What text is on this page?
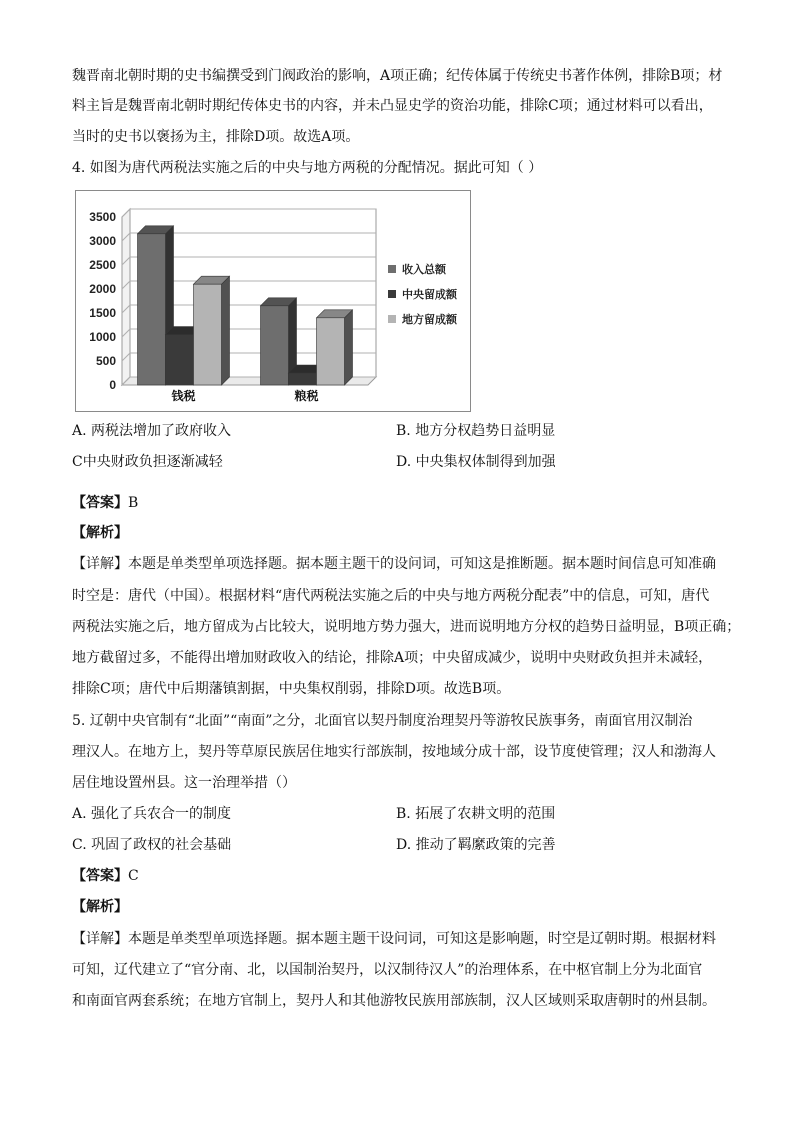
魏晋南北朝时期的史书编撰受到门阀政治的影响，A项正确；纪传体属于传统史书著作体例，排除B项；材
料主旨是魏晋南北朝时期纪传体史书的内容，并未凸显史学的资治功能，排除C项；通过材料可以看出，
当时的史书以褒扬为主，排除D项。故选A项。
4. 如图为唐代两税法实施之后的中央与地方两税的分配情况。据此可知（ ）
0
500
1000
1500
2000
2500
3000
3500
钱税	粮税
收入总额
中央留成额
地方留成额
A. 两税法增加了政府收入	B. 地方分权趋势日益明显
C中央财政负担逐渐减轻	D. 中央集权体制得到加强
【答案】B
【解析】
【详解】本题是单类型单项选择题。据本题主题干的设问词，可知这是推断题。据本题时间信息可知准确
时空是：唐代（中国）。根据材料“唐代两税法实施之后的中央与地方两税分配表”中的信息，可知，唐代
两税法实施之后，地方留成为占比较大，说明地方势力强大，进而说明地方分权的趋势日益明显，B项正确；
地方截留过多，不能得出增加财政收入的结论，排除A项；中央留成减少，说明中央财政负担并未减轻，
排除C项；唐代中后期藩镇割据，中央集权削弱，排除D项。故选B项。
5. 辽朝中央官制有“北面”“南面”之分，北面官以契丹制度治理契丹等游牧民族事务，南面官用汉制治
理汉人。在地方上，契丹等草原民族居住地实行部族制，按地域分成十部，设节度使管理；汉人和渤海人
居住地设置州县。这一治理举措（）
A. 强化了兵农合一的制度	B. 拓展了农耕文明的范围
C. 巩固了政权的社会基础	D. 推动了羁縻政策的完善
【答案】C
【解析】
【详解】本题是单类型单项选择题。据本题主题干设问词，可知这是影响题，时空是辽朝时期。根据材料
可知，辽代建立了“官分南、北，以国制治契丹，以汉制待汉人”的治理体系，在中枢官制上分为北面官
和南面官两套系统；在地方官制上，契丹人和其他游牧民族用部族制，汉人区域则采取唐朝时的州县制。
